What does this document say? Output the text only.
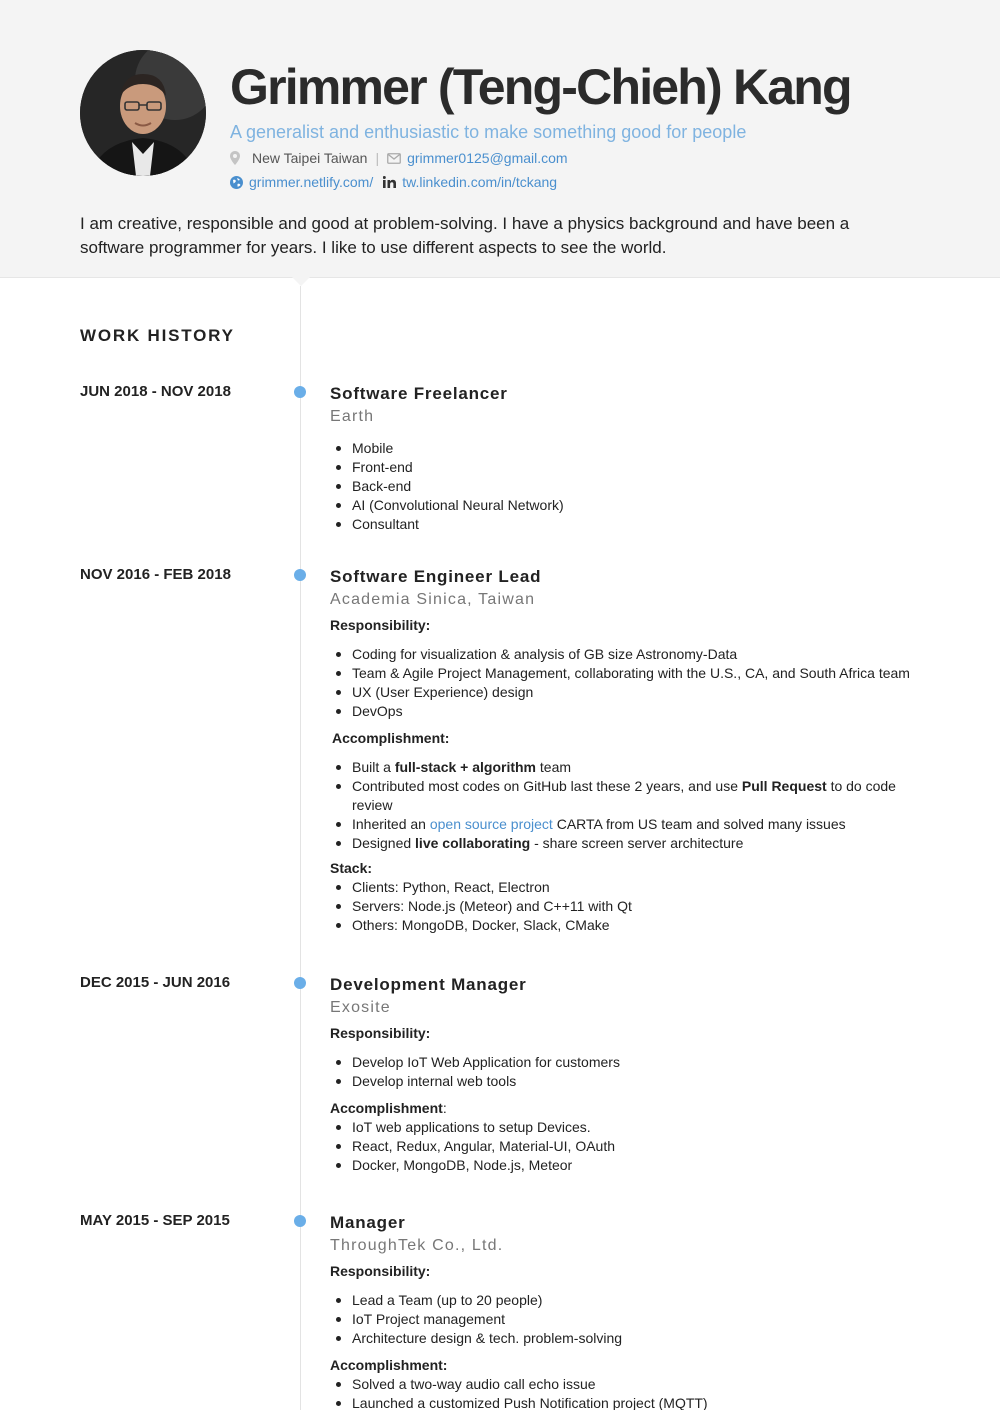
Grimmer (Teng-Chieh) Kang
A generalist and enthusiastic to make something good for people
New Taipei Taiwan | grimmer0125@gmail.com
grimmer.netlify.com/ tw.linkedin.com/in/tckang
I am creative, responsible and good at problem-solving. I have a physics background and have been a software programmer for years. I like to use different aspects to see the world.
WORK HISTORY
JUN 2018 - NOV 2018	Software Freelancer
Earth
Mobile
Front-end
Back-end
AI (Convolutional Neural Network)
Consultant
NOV 2016 - FEB 2018	Software Engineer Lead
Academia Sinica, Taiwan
Responsibility:
Coding for visualization & analysis of GB size Astronomy-Data
Team & Agile Project Management, collaborating with the U.S., CA, and South Africa team
UX (User Experience) design
DevOps
Accomplishment:
Built a full-stack + algorithm team
Contributed most codes on GitHub last these 2 years, and use Pull Request to do code review
Inherited an open source project CARTA from US team and solved many issues
Designed live collaborating - share screen server architecture
Stack:
Clients: Python, React, Electron
Servers: Node.js (Meteor) and C++11 with Qt
Others: MongoDB, Docker, Slack, CMake
DEC 2015 - JUN 2016	Development Manager
Exosite
Responsibility:
Develop IoT Web Application for customers
Develop internal web tools
Accomplishment:
IoT web applications to setup Devices.
React, Redux, Angular, Material-UI, OAuth
Docker, MongoDB, Node.js, Meteor
MAY 2015 - SEP 2015	Manager
ThroughTek Co., Ltd.
Responsibility:
Lead a Team (up to 20 people)
IoT Project management
Architecture design & tech. problem-solving
Accomplishment:
Solved a two-way audio call echo issue
Launched a customized Push Notification project (MQTT)
